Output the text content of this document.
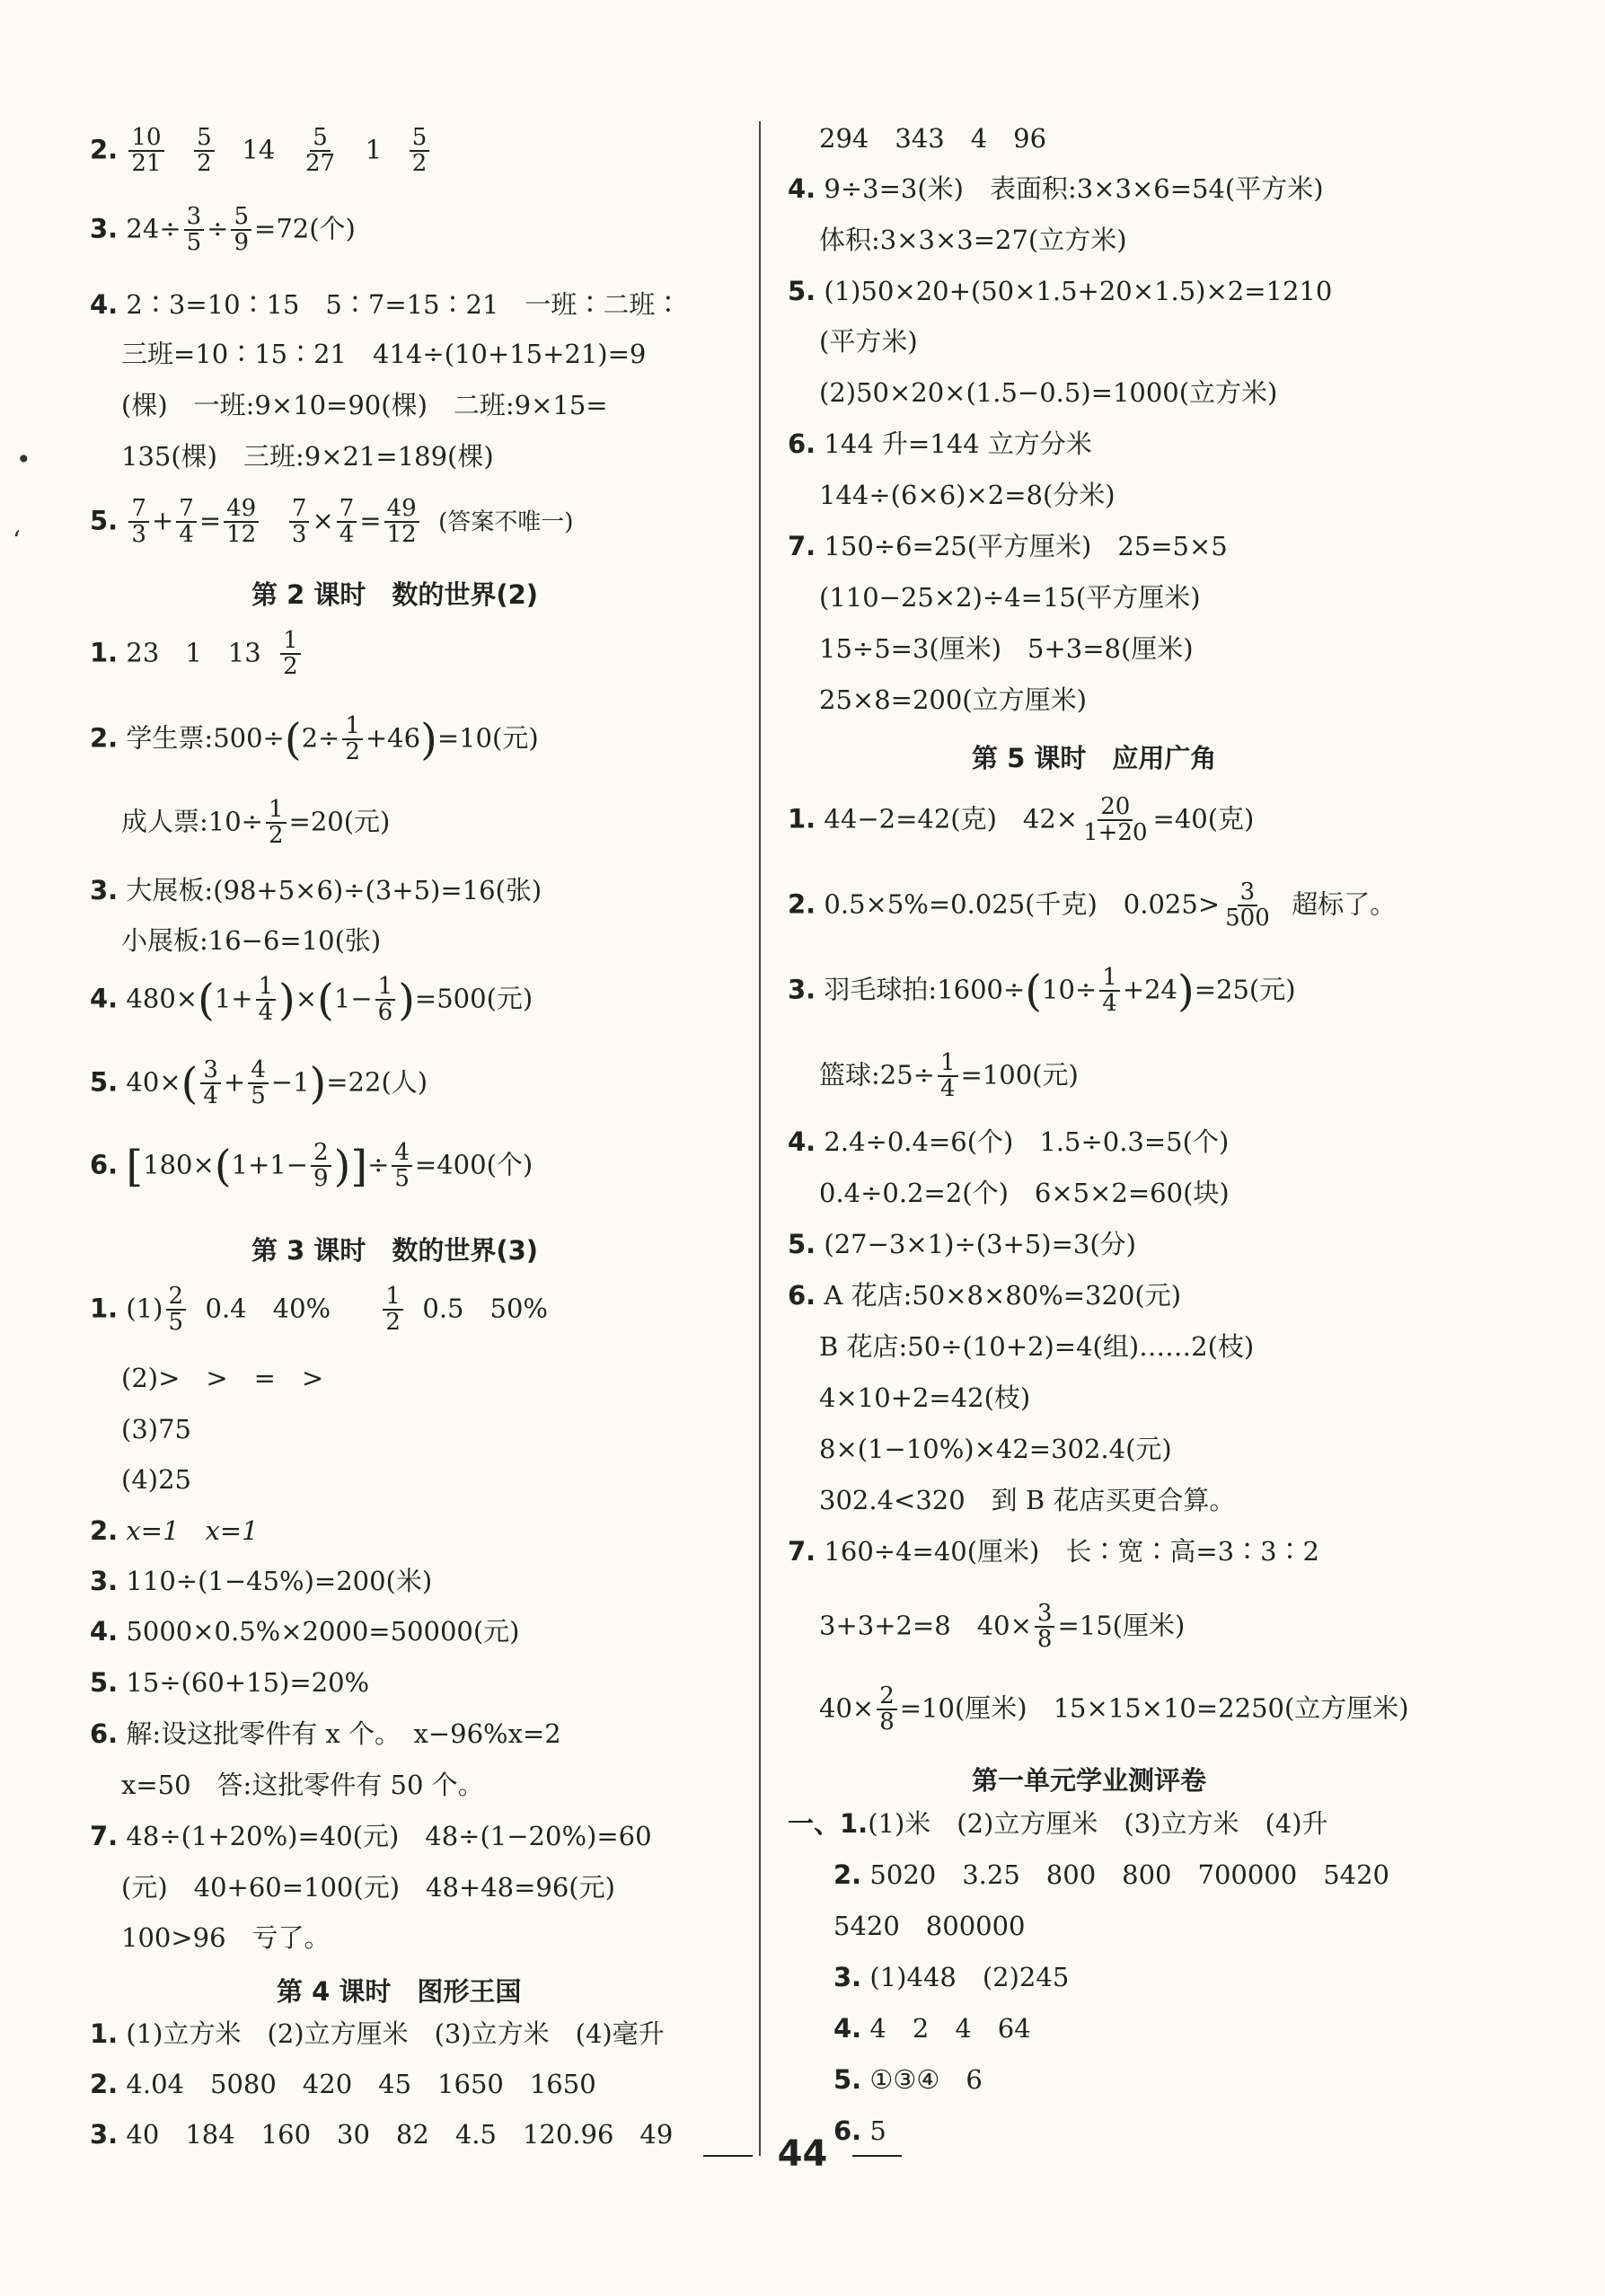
•
ʻ
2. $\frac{10}{21}$
$\frac{5}{2} 14 \frac{5}{27} 1 \frac{5}{2}$
3. $24\div \frac{3}{5} \div \frac{5}{9} =72$(个)
4. 2∶3=10∶15　5∶7=15∶21　一班∶二班∶
三班=10∶15∶21　414÷(10+15+21)=9
(棵)　一班:9×10=90(棵)　二班:9×15=
135(棵)　三班:9×21=189(棵)
5. $\frac{7}{3} + \frac{7}{4} = \frac{49}{12}$
$\frac{7}{3} \times \frac{7}{4} = \frac{49}{12}$ (答案不唯一)
第 2 课时　数的世界(2)
1. 23　1　$13 \frac{1}{2}$
2. 学生票:500÷(2÷ $\frac{1}{2} +46)=10$(元)
成人票:10÷ $\frac{1}{2} =20$(元)
3. 大展板:(98+5×6)÷(3+5)=16(张)
小展板:16−6=10(张)
4. $480\times(1+ \frac{1}{4} )\times(1- \frac{1}{6} )=500$(元)
5. $40\times( \frac{3}{4} + \frac{4}{5} -1)=22$(人)
6. [$180\times(1+1- \frac{2}{9}$ )]÷ $\frac{4}{5} =400$(个)
第 3 课时　数的世界(3)
1. $(1) \frac{2}{5} 0.4$　$40\% \frac{1}{2} 0.5$　50%
(2)>　>　=　>
(3)75
(4)25
2. x=1　x=1
3. 110÷(1−45%)=200(米)
4. 5000×0.5%×2000=50000(元)
5. 15÷(60+15)=20%
6. 解:设这批零件有 x 个。　x−96%x=2
x=50　答:这批零件有 50 个。
7. 48÷(1+20%)=40(元)　48÷(1−20%)=60
(元)　40+60=100(元)　48+48=96(元)
100>96　亏了。
第 4 课时　图形王国
1. (1)立方米　(2)立方厘米　(3)立方米　(4)毫升
2. 4.04　5080　420　45　1650　1650
3. 40　184　160　30　82　4.5　120.96　49
294　343　4　96
4. 9÷3=3(米)　表面积:3×3×6=54(平方米)
体积:3×3×3=27(立方米)
5. (1)50×20+(50×1.5+20×1.5)×2=1210
(平方米)
(2)50×20×(1.5−0.5)=1000(立方米)
6. 144 升=144 立方分米
144÷(6×6)×2=8(分米)
7. 150÷6=25(平方厘米)　25=5×5
(110−25×2)÷4=15(平方厘米)
15÷5=3(厘米)　5+3=8(厘米)
25×8=200(立方厘米)
第 5 课时　应用广角
1. 44−2=42(克)　$42\times \frac{20}{1+20} =40$(克)
2. 0.5×5%=0.025(千克)　$0.025> \frac{3}{500}$ 超标了。
3. 羽毛球拍:1600÷(10÷ $\frac{1}{4} +24)=25$(元)
篮球:25÷ $\frac{1}{4} =100$(元)
4. 2.4÷0.4=6(个)　1.5÷0.3=5(个)
0.4÷0.2=2(个)　6×5×2=60(块)
5. (27−3×1)÷(3+5)=3(分)
6. A 花店:50×8×80%=320(元)
B 花店:50÷(10+2)=4(组)……2(枝)
4×10+2=42(枝)
8×(1−10%)×42=302.4(元)
302.4<320　到 B 花店买更合算。
7. 160÷4=40(厘米)　长∶宽∶高=3∶3∶2
3+3+2=8　$40\times \frac{3}{8} =15$(厘米)
$40\times \frac{2}{8} =10$(厘米)　15×15×10=2250(立方厘米)
第一单元学业测评卷
一、1.(1)米　(2)立方厘米　(3)立方米　(4)升
2. 5020　3.25　800　800　700000　5420
5420　800000
3. (1)448　(2)245
4. 4　2　4　64
5. ①③④　6
6. 5
44
